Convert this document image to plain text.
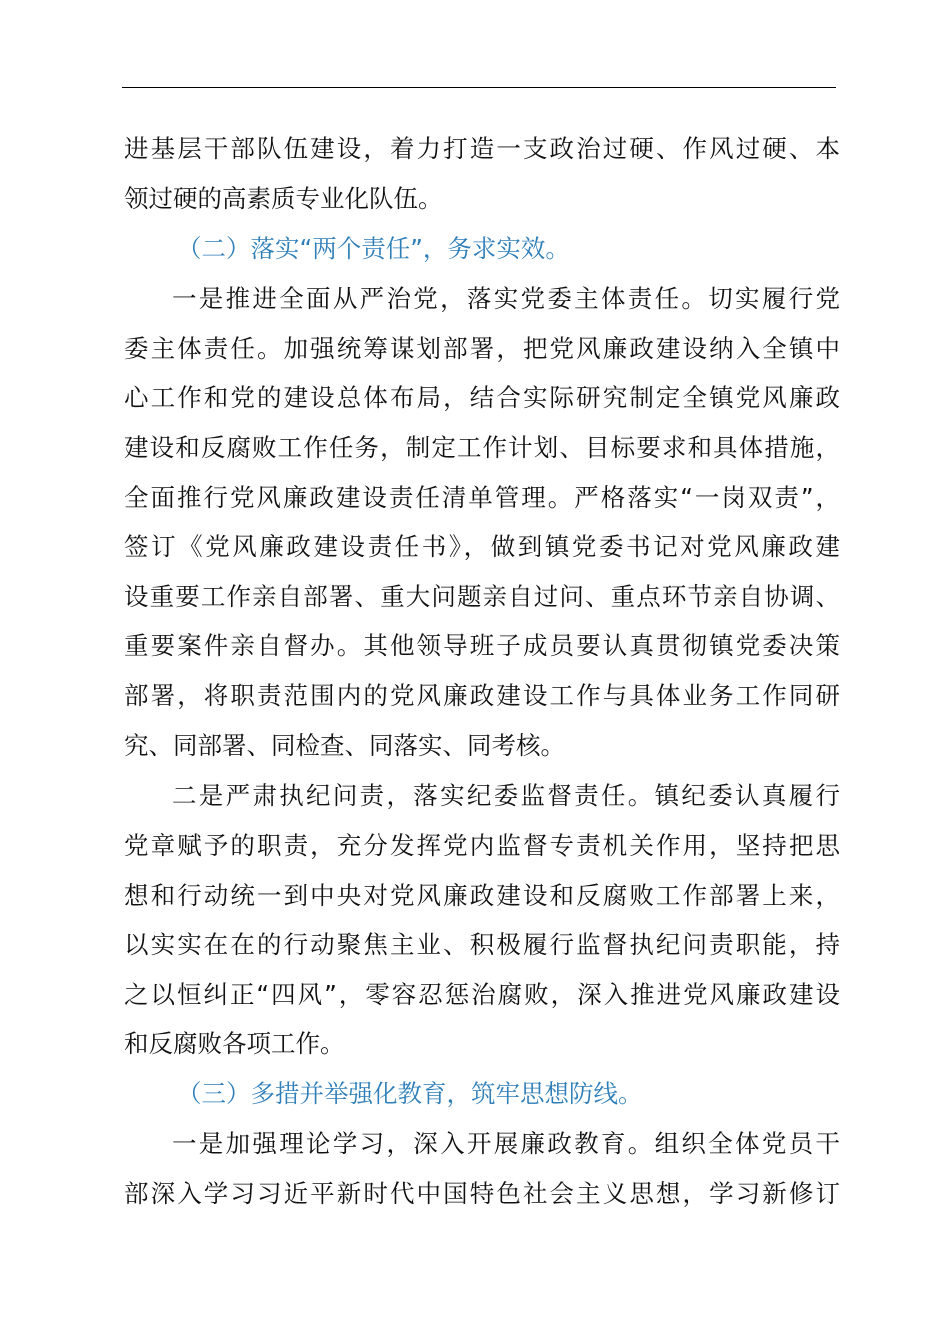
进基层干部队伍建设，着力打造一支政治过硬、作风过硬、本
领过硬的高素质专业化队伍。
（二）落实“两个责任”，务求实效。
一是推进全面从严治党，落实党委主体责任。切实履行党
委主体责任。加强统筹谋划部署，把党风廉政建设纳入全镇中
心工作和党的建设总体布局，结合实际研究制定全镇党风廉政
建设和反腐败工作任务，制定工作计划、目标要求和具体措施，
全面推行党风廉政建设责任清单管理。严格落实“一岗双责”，
签订《党风廉政建设责任书》，做到镇党委书记对党风廉政建
设重要工作亲自部署、重大问题亲自过问、重点环节亲自协调、
重要案件亲自督办。其他领导班子成员要认真贯彻镇党委决策
部署，将职责范围内的党风廉政建设工作与具体业务工作同研
究、同部署、同检查、同落实、同考核。
二是严肃执纪问责，落实纪委监督责任。镇纪委认真履行
党章赋予的职责，充分发挥党内监督专责机关作用，坚持把思
想和行动统一到中央对党风廉政建设和反腐败工作部署上来，
以实实在在的行动聚焦主业、积极履行监督执纪问责职能，持
之以恒纠正“四风”，零容忍惩治腐败，深入推进党风廉政建设
和反腐败各项工作。
（三）多措并举强化教育，筑牢思想防线。
一是加强理论学习，深入开展廉政教育。组织全体党员干
部深入学习习近平新时代中国特色社会主义思想，学习新修订
